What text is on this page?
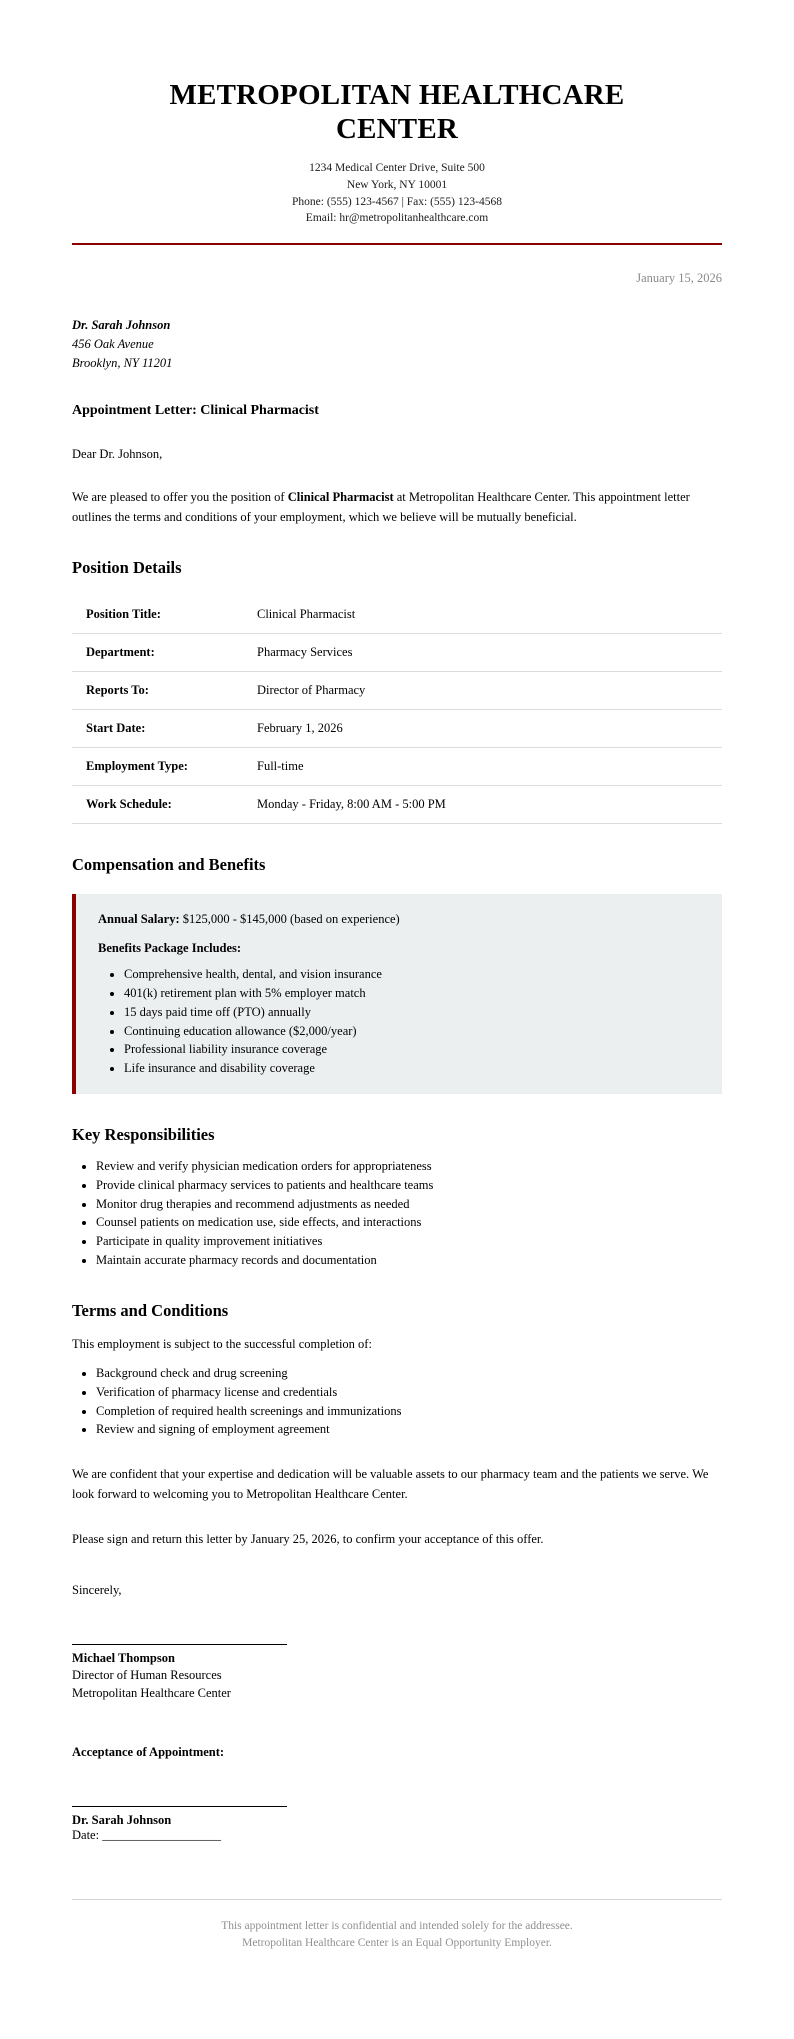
METROPOLITAN HEALTHCARE CENTER
1234 Medical Center Drive, Suite 500
New York, NY 10001
Phone: (555) 123-4567 | Fax: (555) 123-4568
Email: hr@metropolitanhealthcare.com
January 15, 2026
Dr. Sarah Johnson
456 Oak Avenue
Brooklyn, NY 11201
Appointment Letter: Clinical Pharmacist
Dear Dr. Johnson,

We are pleased to offer you the position of Clinical Pharmacist at Metropolitan Healthcare Center. This appointment letter outlines the terms and conditions of your employment, which we believe will be mutually beneficial.

Position Details
Position Title:	Clinical Pharmacist
Department:	Pharmacy Services
Reports To:	Director of Pharmacy
Start Date:	February 1, 2026
Employment Type:	Full-time
Work Schedule:	Monday - Friday, 8:00 AM - 5:00 PM
Compensation and Benefits

Annual Salary: $125,000 - $145,000 (based on experience)

Benefits Package Includes:

• Comprehensive health, dental, and vision insurance
• 401(k) retirement plan with 5% employer match
• 15 days paid time off (PTO) annually
• Continuing education allowance ($2,000/year)
• Professional liability insurance coverage
• Life insurance and disability coverage
Key Responsibilities
• Review and verify physician medication orders for appropriateness
• Provide clinical pharmacy services to patients and healthcare teams
• Monitor drug therapies and recommend adjustments as needed
• Counsel patients on medication use, side effects, and interactions
• Participate in quality improvement initiatives
• Maintain accurate pharmacy records and documentation
Terms and Conditions
This employment is subject to the successful completion of:
• Background check and drug screening
• Verification of pharmacy license and credentials
• Completion of required health screenings and immunizations
• Review and signing of employment agreement

We are confident that your expertise and dedication will be valuable assets to our pharmacy team and the patients we serve. We look forward to welcoming you to Metropolitan Healthcare Center.

Please sign and return this letter by January 25, 2026, to confirm your acceptance of this offer.

Sincerely,
Michael Thompson
Director of Human Resources
Metropolitan Healthcare Center
Acceptance of Appointment:
Dr. Sarah Johnson
Date: ___________________
This appointment letter is confidential and intended solely for the addressee.
Metropolitan Healthcare Center is an Equal Opportunity Employer.
